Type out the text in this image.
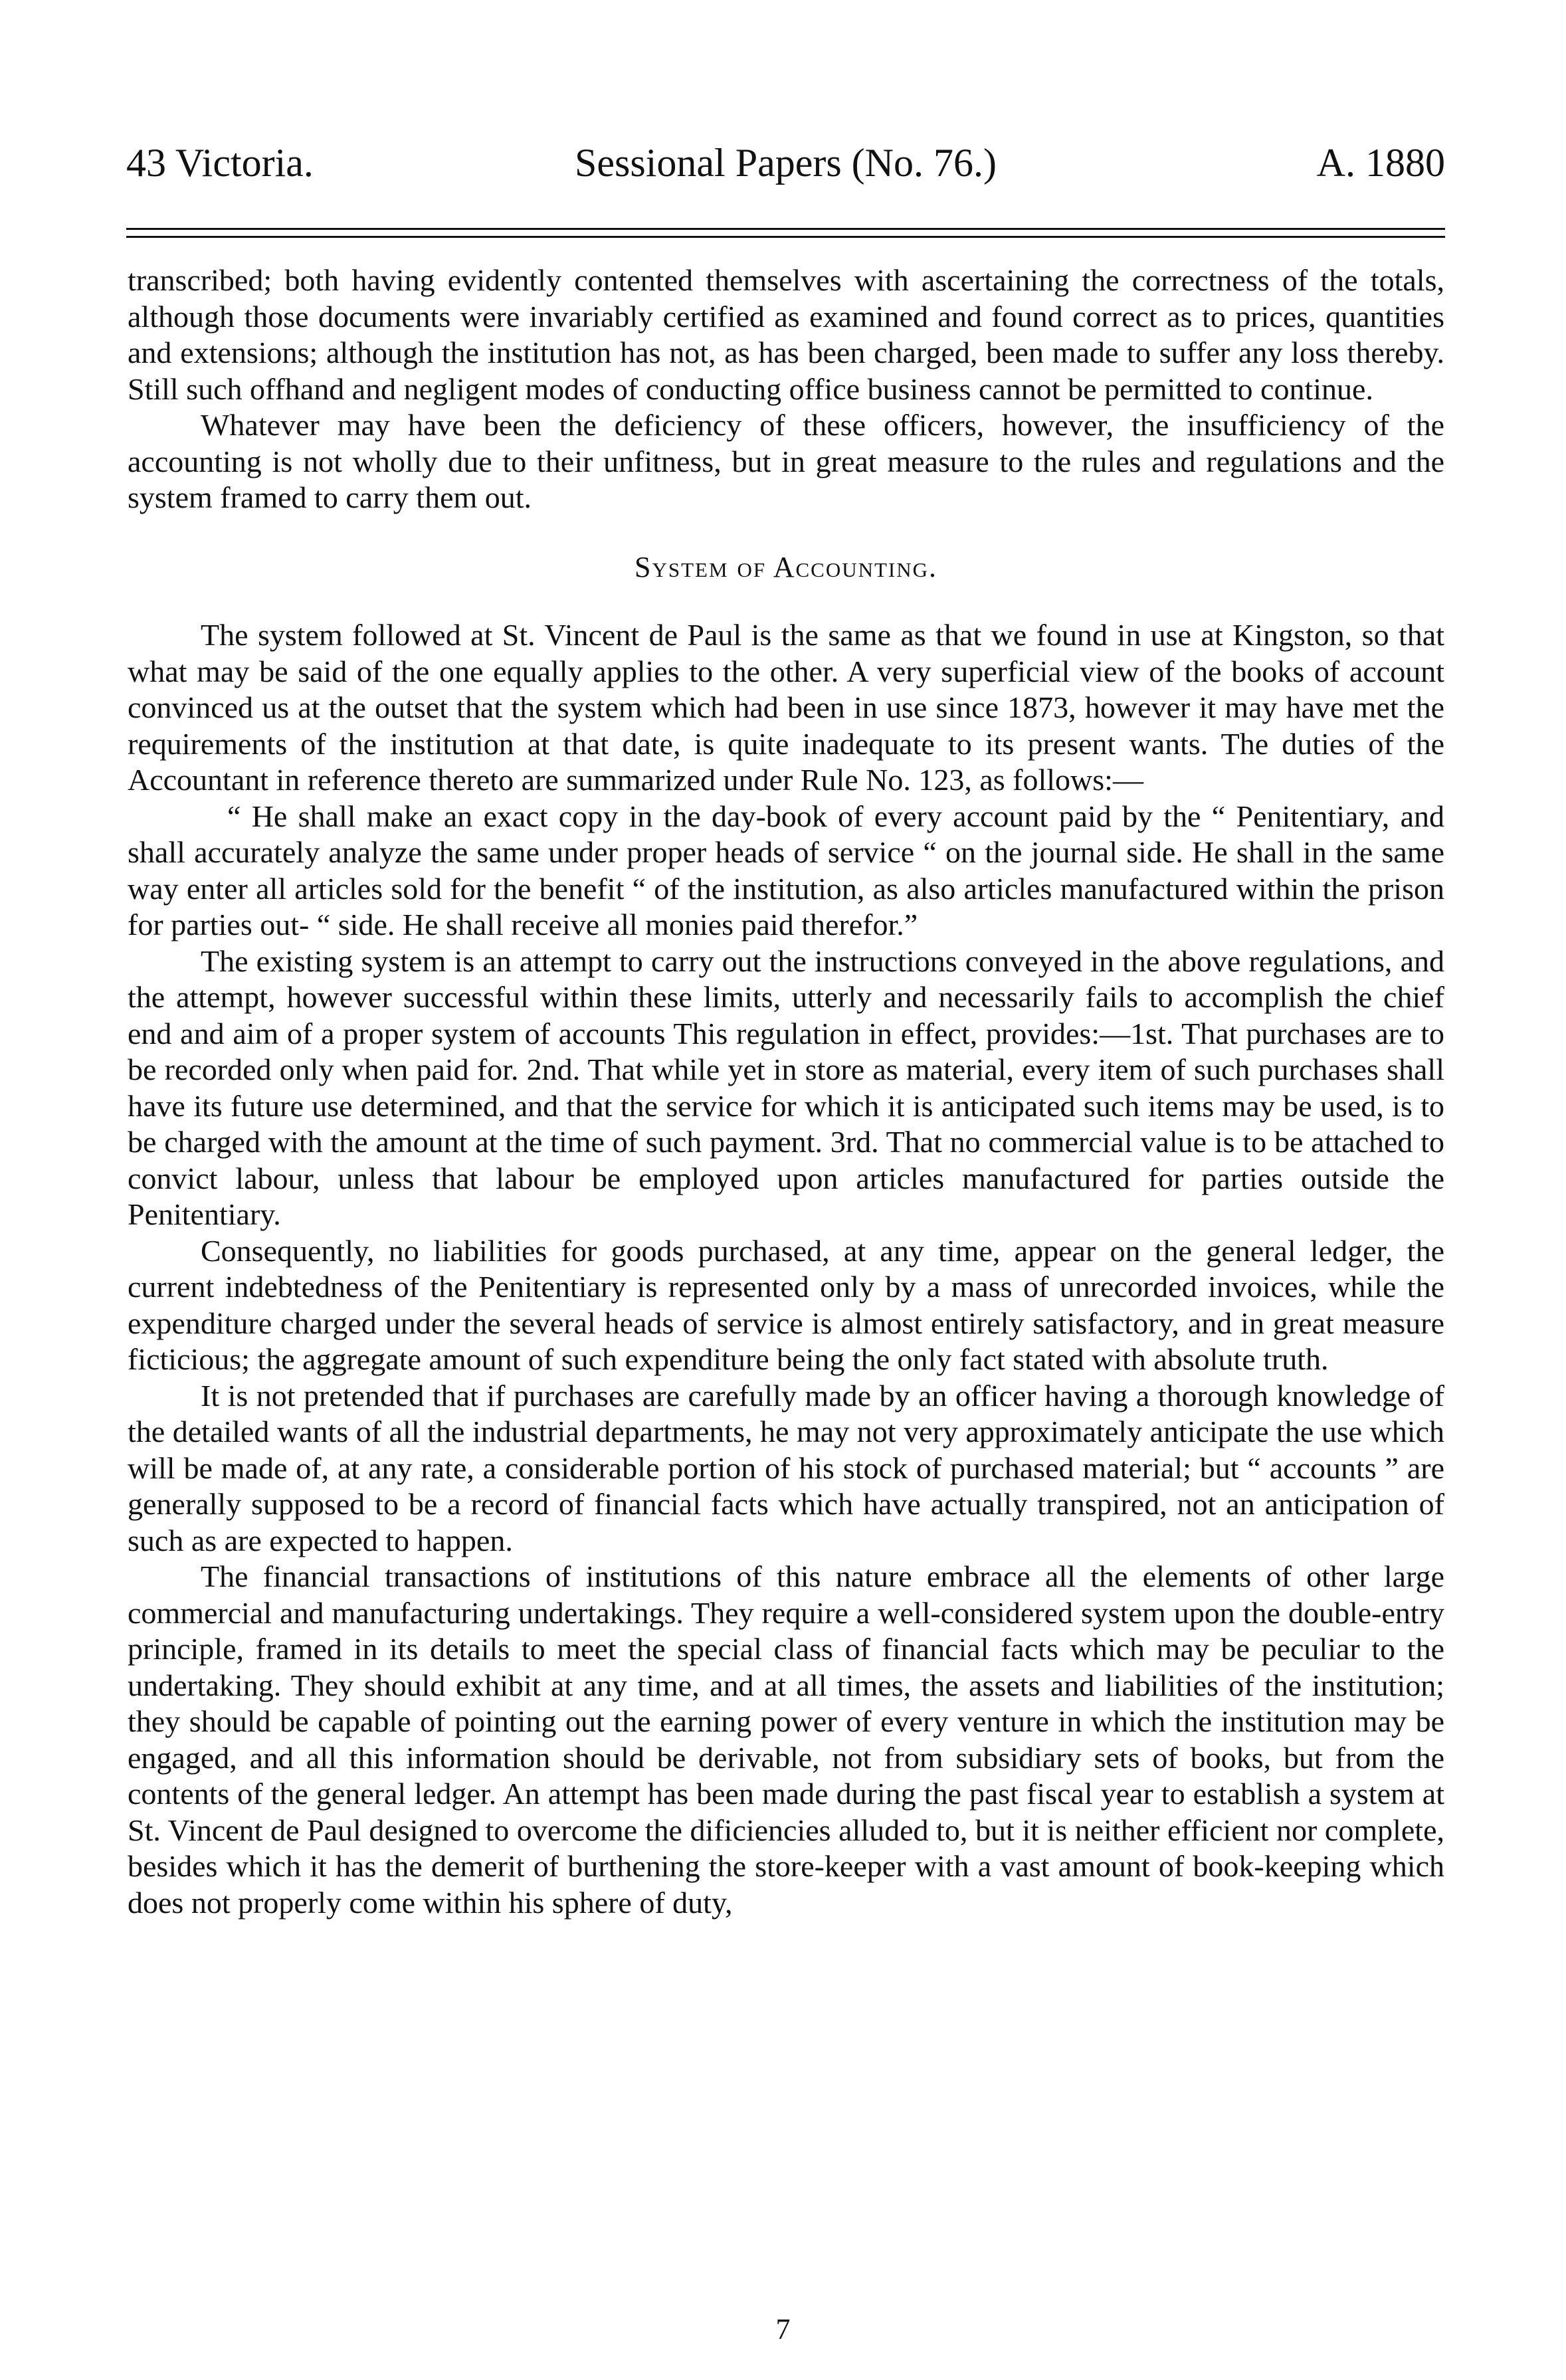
43 Victoria.	Sessional Papers (No. 76.)	A. 1880

transcribed; both having evidently contented themselves with ascertaining the correctness of the totals, although those documents were invariably certified as examined and found correct as to prices, quantities and extensions; although the institution has not, as has been charged, been made to suffer any loss thereby. Still such offhand and negligent modes of conducting office business cannot be permitted to continue.

Whatever may have been the deficiency of these officers, however, the insufficiency of the accounting is not wholly due to their unfitness, but in great measure to the rules and regulations and the system framed to carry them out.

System of Accounting.

The system followed at St. Vincent de Paul is the same as that we found in use at Kingston, so that what may be said of the one equally applies to the other. A very superficial view of the books of account convinced us at the outset that the system which had been in use since 1873, however it may have met the requirements of the institution at that date, is quite inadequate to its present wants. The duties of the Accountant in reference thereto are summarized under Rule No. 123, as follows:—

“ He shall make an exact copy in the day-book of every account paid by the “ Penitentiary, and shall accurately analyze the same under proper heads of service “ on the journal side. He shall in the same way enter all articles sold for the benefit “ of the institution, as also articles manufactured within the prison for parties out- “ side. He shall receive all monies paid therefor.”

The existing system is an attempt to carry out the instructions conveyed in the above regulations, and the attempt, however successful within these limits, utterly and necessarily fails to accomplish the chief end and aim of a proper system of accounts This regulation in effect, provides:—1st. That purchases are to be recorded only when paid for. 2nd. That while yet in store as material, every item of such purchases shall have its future use determined, and that the service for which it is anticipated such items may be used, is to be charged with the amount at the time of such payment. 3rd. That no commercial value is to be attached to convict labour, unless that labour be employed upon articles manufactured for parties outside the Penitentiary.

Consequently, no liabilities for goods purchased, at any time, appear on the general ledger, the current indebtedness of the Penitentiary is represented only by a mass of unrecorded invoices, while the expenditure charged under the several heads of service is almost entirely satisfactory, and in great measure ficticious; the aggregate amount of such expenditure being the only fact stated with absolute truth.

It is not pretended that if purchases are carefully made by an officer having a thorough knowledge of the detailed wants of all the industrial departments, he may not very approximately anticipate the use which will be made of, at any rate, a considerable portion of his stock of purchased material; but “ accounts ” are generally supposed to be a record of financial facts which have actually transpired, not an anticipation of such as are expected to happen.

The financial transactions of institutions of this nature embrace all the elements of other large commercial and manufacturing undertakings. They require a well-considered system upon the double-entry principle, framed in its details to meet the special class of financial facts which may be peculiar to the undertaking. They should exhibit at any time, and at all times, the assets and liabilities of the institution; they should be capable of pointing out the earning power of every venture in which the institution may be engaged, and all this information should be derivable, not from subsidiary sets of books, but from the contents of the general ledger. An attempt has been made during the past fiscal year to establish a system at St. Vincent de Paul designed to overcome the dificiencies alluded to, but it is neither efficient nor complete, besides which it has the demerit of burthening the store-keeper with a vast amount of book-keeping which does not properly come within his sphere of duty,

7
